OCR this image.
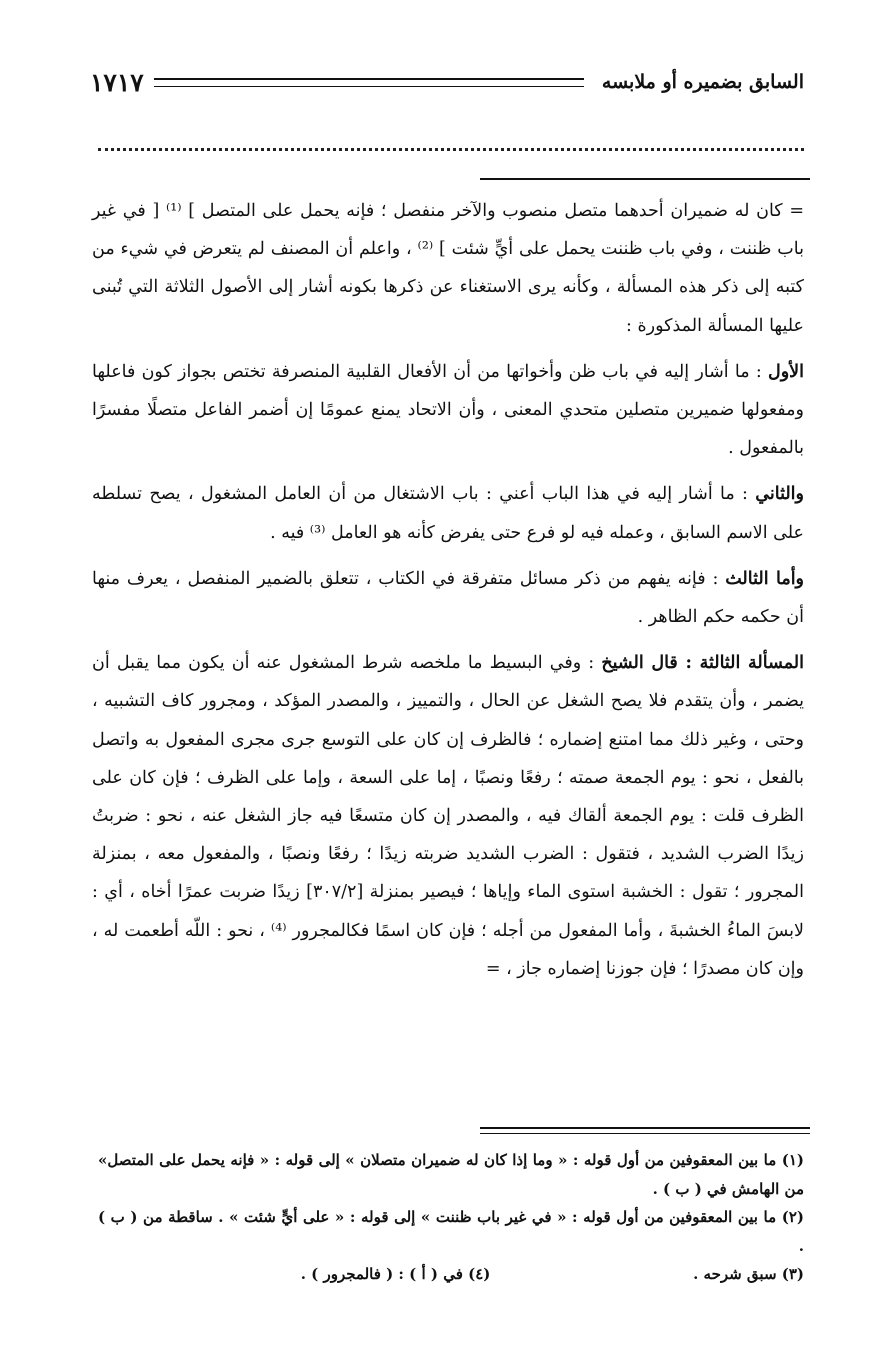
السابق بضميره أو ملابسه
١٧١٧

= كان له ضميران أحدهما متصل منصوب والآخر منفصل ؛ فإنه يحمل على المتصل ] ⁽¹⁾ [ في غير باب ظننت ، وفي باب ظننت يحمل على أيٍّ شئت ] ⁽²⁾ ، واعلم أن المصنف لم يتعرض في شيء من كتبه إلى ذكر هذه المسألة ، وكأنه يرى الاستغناء عن ذكرها بكونه أشار إلى الأصول الثلاثة التي تُبنى عليها المسألة المذكورة :

الأول : ما أشار إليه في باب ظن وأخواتها من أن الأفعال القلبية المنصرفة تختص بجواز كون فاعلها ومفعولها ضميرين متصلين متحدي المعنى ، وأن الاتحاد يمنع عمومًا إن أضمر الفاعل متصلًا مفسرًا بالمفعول .

والثاني : ما أشار إليه في هذا الباب أعني : باب الاشتغال من أن العامل المشغول ، يصح تسلطه على الاسم السابق ، وعمله فيه لو فرع حتى يفرض كأنه هو العامل ⁽³⁾ فيه .

وأما الثالث : فإنه يفهم من ذكر مسائل متفرقة في الكتاب ، تتعلق بالضمير المنفصل ، يعرف منها أن حكمه حكم الظاهر .

المسألة الثالثة : قال الشيخ : وفي البسيط ما ملخصه شرط المشغول عنه أن يكون مما يقبل أن يضمر ، وأن يتقدم فلا يصح الشغل عن الحال ، والتمييز ، والمصدر المؤكد ، ومجرور كاف التشبيه ، وحتى ، وغير ذلك مما امتنع إضماره ؛ فالظرف إن كان على التوسع جرى مجرى المفعول به واتصل بالفعل ، نحو : يوم الجمعة صمته ؛ رفعًا ونصبًا ، إما على السعة ، وإما على الظرف ؛ فإن كان على الظرف قلت : يوم الجمعة ألقاك فيه ، والمصدر إن كان متسعًا فيه جاز الشغل عنه ، نحو : ضربتُ زيدًا الضرب الشديد ، فتقول : الضرب الشديد ضربته زيدًا ؛ رفعًا ونصبًا ، والمفعول معه ، بمنزلة المجرور ؛ تقول : الخشبة استوى الماء وإياها ؛ فيصير بمنزلة [٣٠٧/٢] زيدًا ضربت عمرًا أخاه ، أي : لابسَ الماءُ الخشبةَ ، وأما المفعول من أجله ؛ فإن كان اسمًا فكالمجرور ⁽⁴⁾ ، نحو : اللّه أطعمت له ، وإن كان مصدرًا ؛ فإن جوزنا إضماره جاز ، =

(١) ما بين المعقوفين من أول قوله : « وما إذا كان له ضميران متصلان » إلى قوله : « فإنه يحمل على المتصل» من الهامش في ( ب ) .

(٢) ما بين المعقوفين من أول قوله : « في غير باب ظننت » إلى قوله : « على أيٍّ شئت » . ساقطة من ( ب ) .

(٣) سبق شرحه .
(٤) في ( أ ) : ( فالمجرور ) .
